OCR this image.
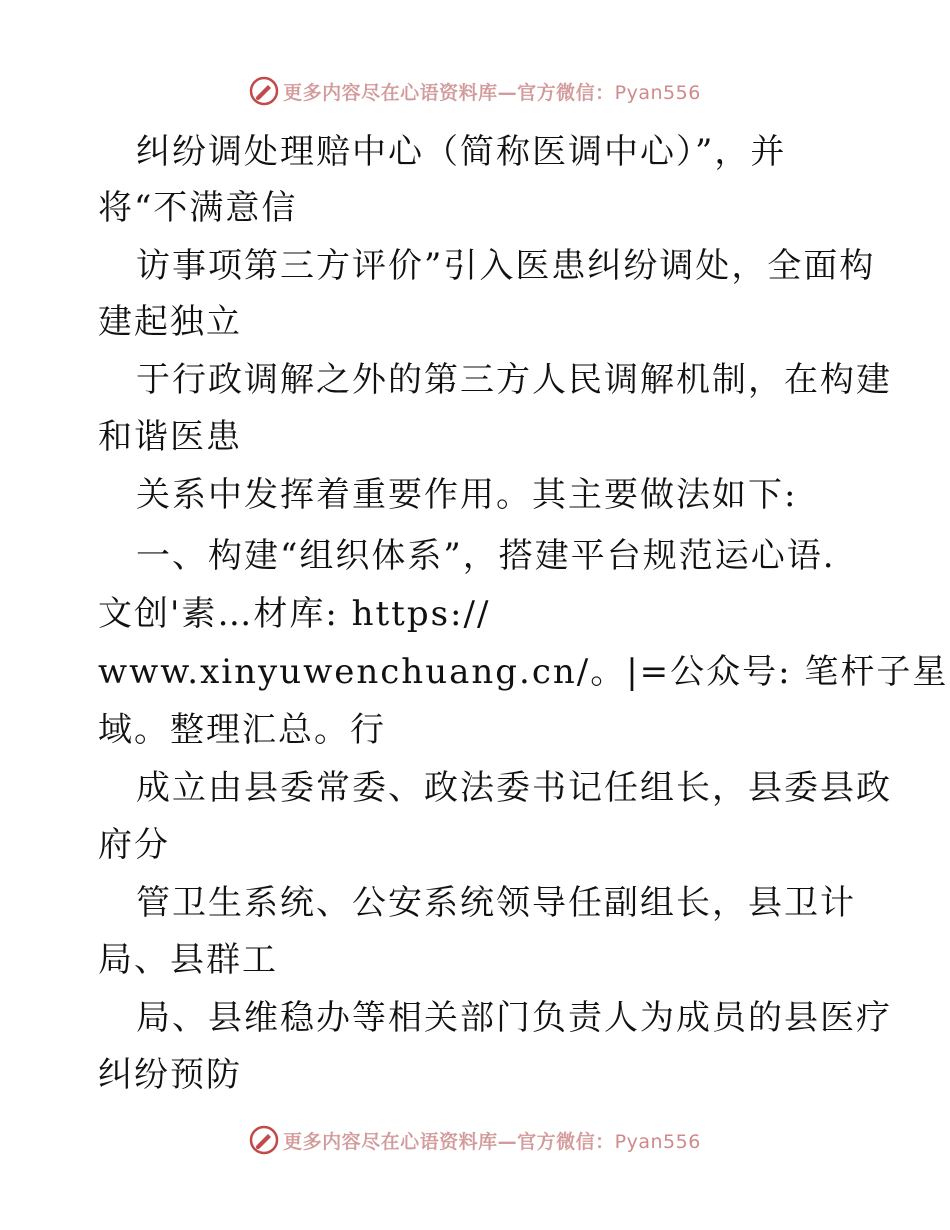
更多内容尽在心语资料库—官方微信：Pyan556
纠纷调处理赔中心（简称医调中心）”，并
将“不满意信
访事项第三方评价”引入医患纠纷调处，全面构
建起独立
于行政调解之外的第三方人民调解机制，在构建
和谐医患
关系中发挥着重要作用。其主要做法如下:
一、构建“组织体系”，搭建平台规范运心语.
文创'素…材库: https://
www.xinyuwenchuang.cn/。|=公众号: 笔杆子星
域。整理汇总。行
成立由县委常委、政法委书记任组长，县委县政
府分
管卫生系统、公安系统领导任副组长，县卫计
局、县群工
局、县维稳办等相关部门负责人为成员的县医疗
纠纷预防
更多内容尽在心语资料库—官方微信：Pyan556
